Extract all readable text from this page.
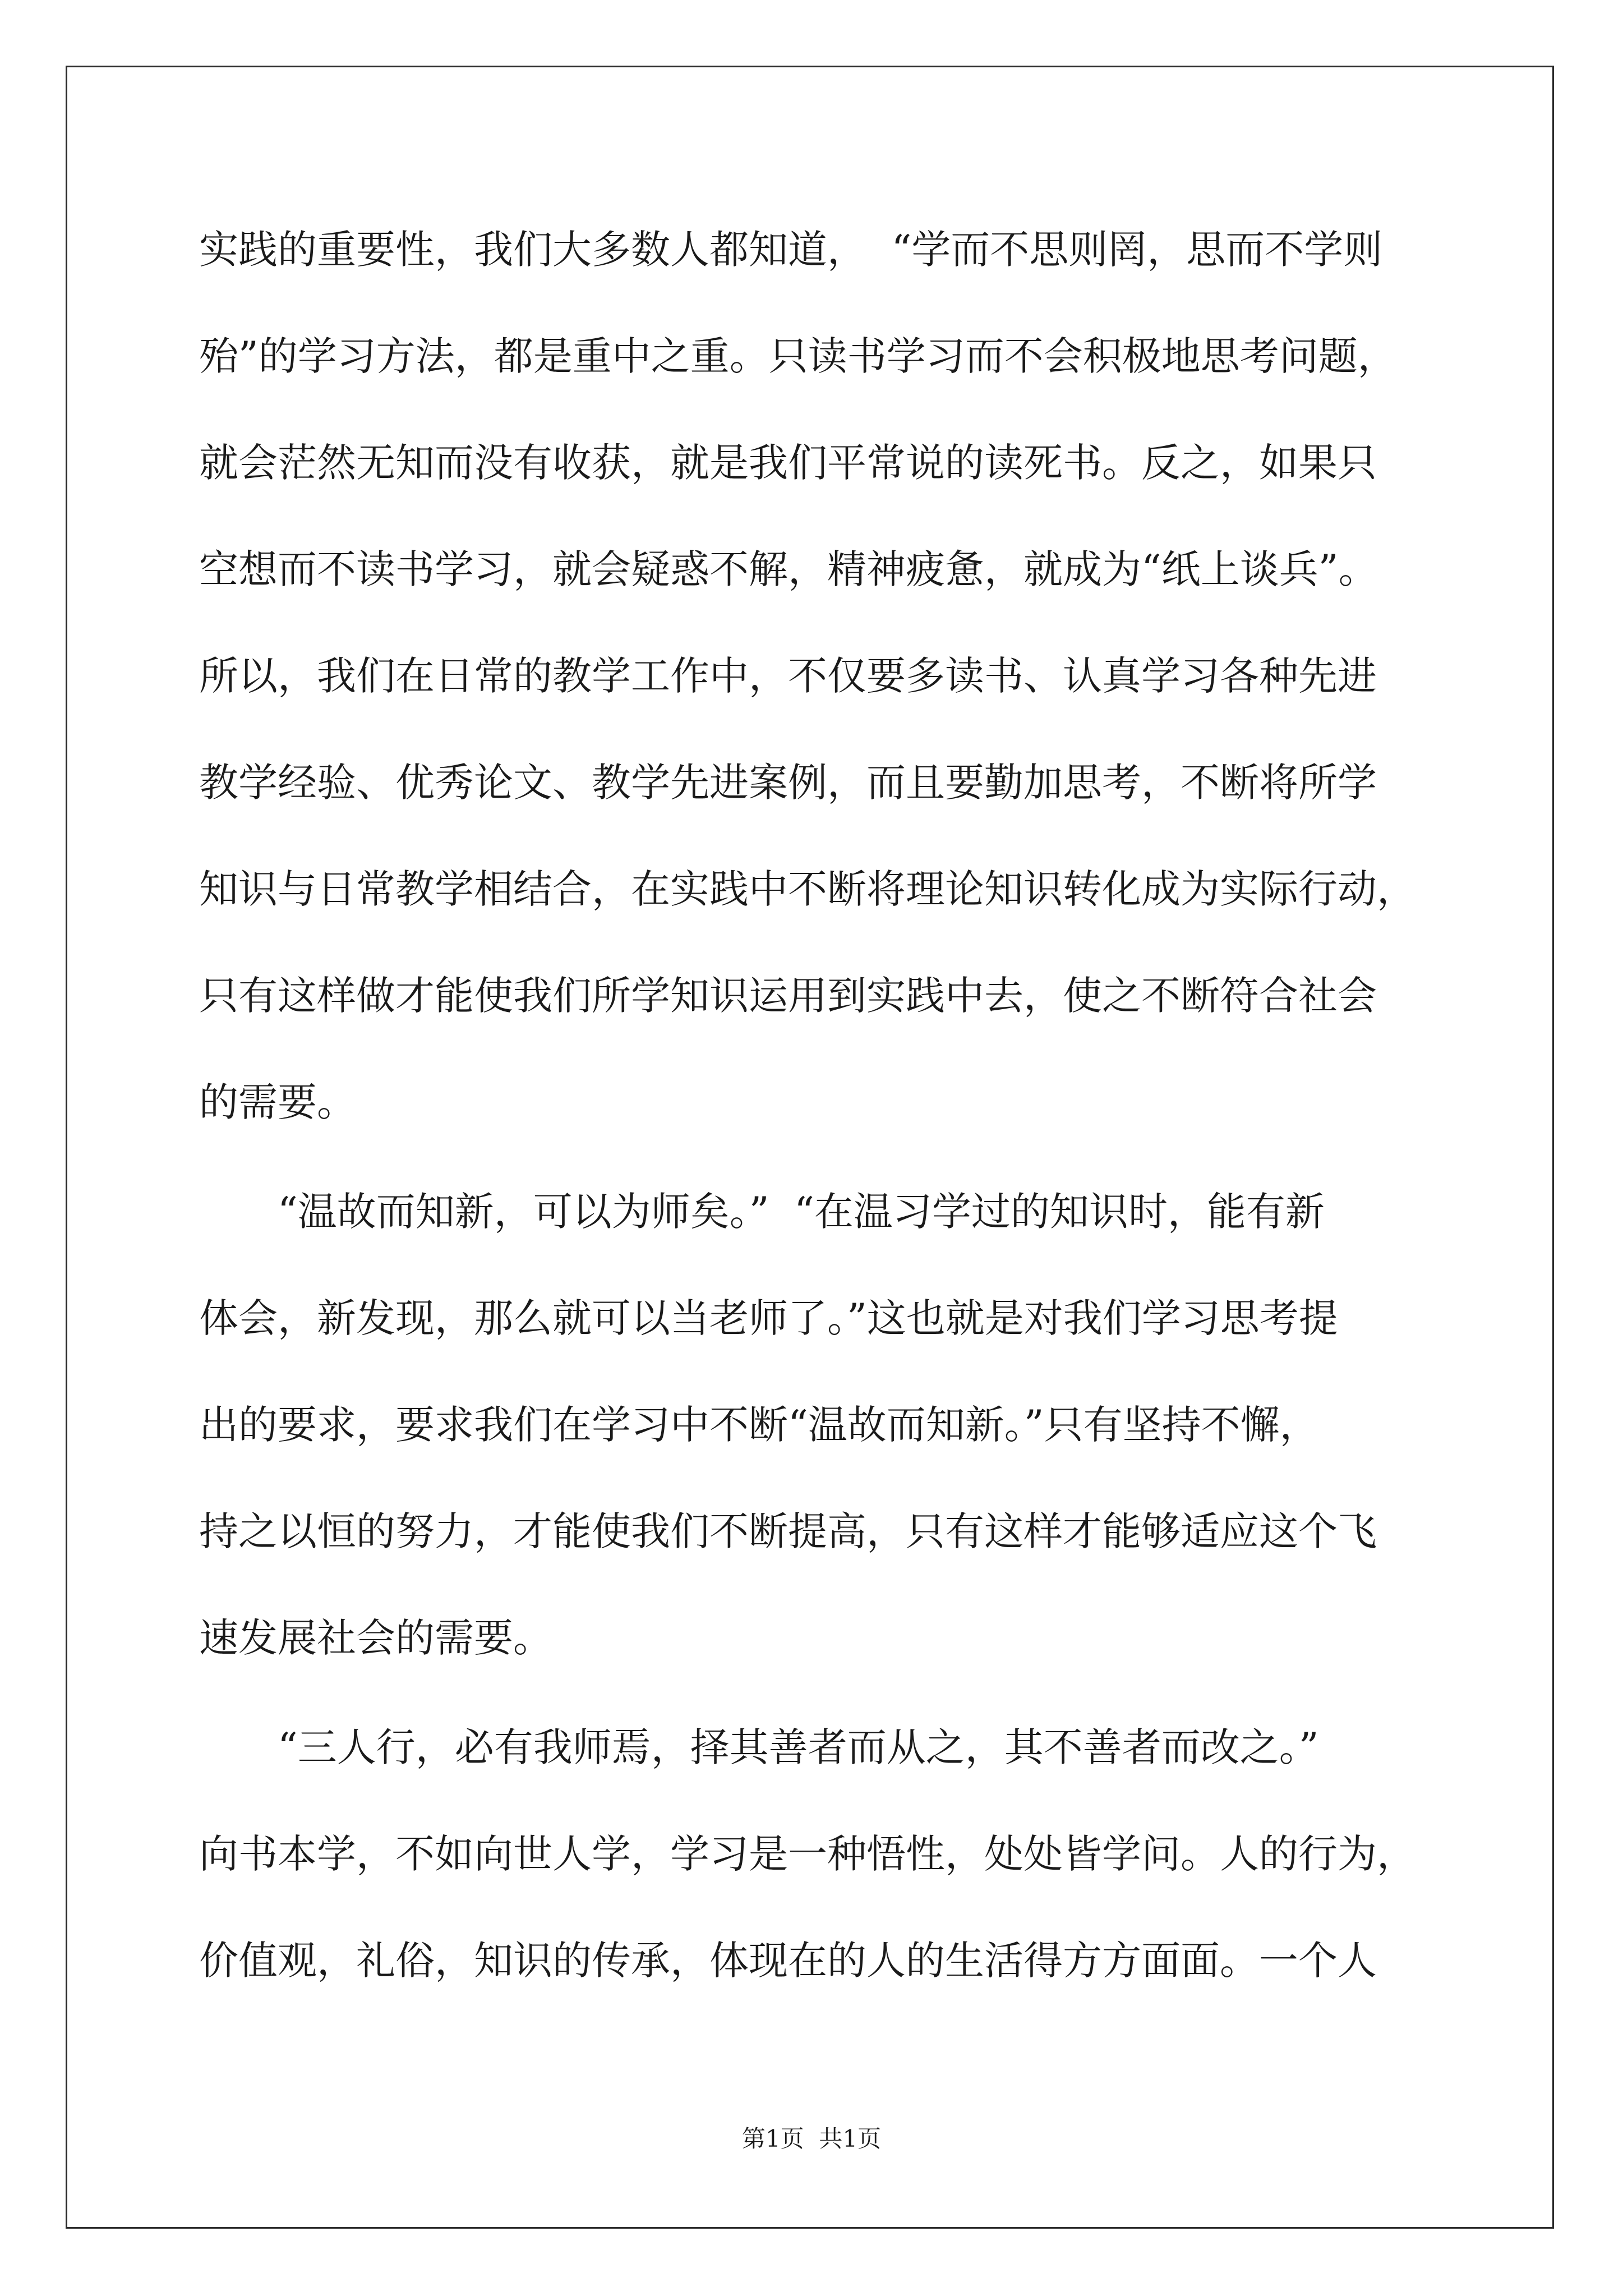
实践的重要性，我们大多数人都知道，  “学而不思则罔，思而不学则

殆”的学习方法，都是重中之重。只读书学习而不会积极地思考问题，

就会茫然无知而没有收获，就是我们平常说的读死书。反之，如果只

空想而不读书学习，就会疑惑不解，精神疲惫，就成为“纸上谈兵”。

所以，我们在日常的教学工作中，不仅要多读书、认真学习各种先进

教学经验、优秀论文、教学先进案例，而且要勤加思考，不断将所学

知识与日常教学相结合，在实践中不断将理论知识转化成为实际行动，

只有这样做才能使我们所学知识运用到实践中去，使之不断符合社会

的需要。

“温故而知新，可以为师矣。”  “在温习学过的知识时，能有新

体会，新发现，那么就可以当老师了。”这也就是对我们学习思考提

出的要求，要求我们在学习中不断“温故而知新。”只有坚持不懈，

持之以恒的努力，才能使我们不断提高，只有这样才能够适应这个飞

速发展社会的需要。

“三人行，必有我师焉，择其善者而从之，其不善者而改之。”

向书本学，不如向世人学，学习是一种悟性，处处皆学问。人的行为，

价值观，礼俗，知识的传承，体现在的人的生活得方方面面。一个人

第1页  共1页
